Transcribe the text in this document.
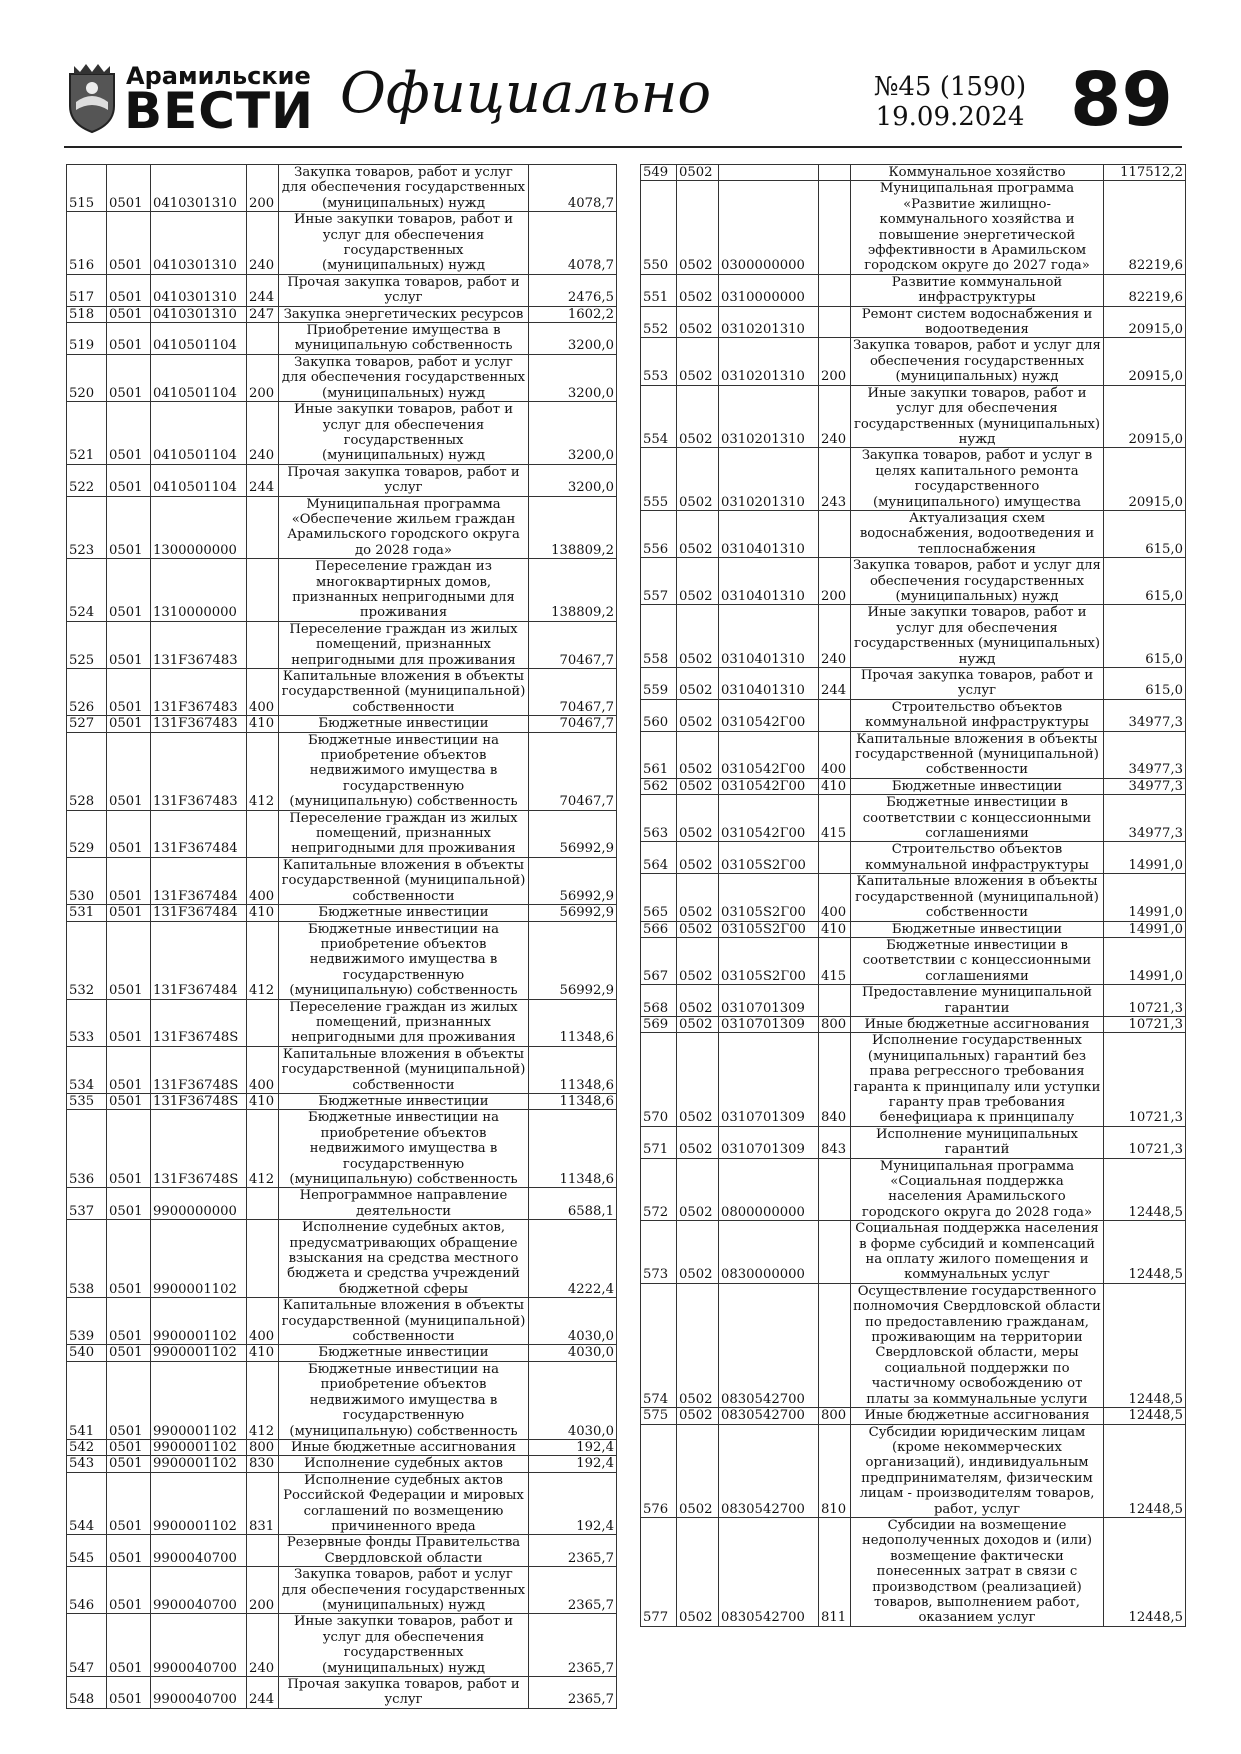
Арамильские
ВЕСТИ Официально	№45 (1590)
19.09.2024 89
515	0501	0410301310	200	Закупка товаров, работ и услуг для обеспечения государственных (муниципальных) нужд	4078,7
516	0501	0410301310	240	Иные закупки товаров, работ и услуг для обеспечения государственных (муниципальных) нужд	4078,7
517	0501	0410301310	244	Прочая закупка товаров, работ и услуг	2476,5
518	0501	0410301310	247	Закупка энергетических ресурсов	1602,2
519	0501	0410501104		Приобретение имущества в муниципальную собственность	3200,0
520	0501	0410501104	200	Закупка товаров, работ и услуг для обеспечения государственных (муниципальных) нужд	3200,0
521	0501	0410501104	240	Иные закупки товаров, работ и услуг для обеспечения государственных (муниципальных) нужд	3200,0
522	0501	0410501104	244	Прочая закупка товаров, работ и услуг	3200,0
523	0501	1300000000		Муниципальная программа «Обеспечение жильем граждан Арамильского городского округа до 2028 года»	138809,2
524	0501	1310000000		Переселение граждан из многоквартирных домов, признанных непригодными для проживания	138809,2
525	0501	131F367483		Переселение граждан из жилых помещений, признанных непригодными для проживания	70467,7
526	0501	131F367483	400	Капитальные вложения в объекты государственной (муниципальной) собственности	70467,7
527	0501	131F367483	410	Бюджетные инвестиции	70467,7
528	0501	131F367483	412	Бюджетные инвестиции на приобретение объектов недвижимого имущества в государственную (муниципальную) собственность	70467,7
529	0501	131F367484		Переселение граждан из жилых помещений, признанных непригодными для проживания	56992,9
530	0501	131F367484	400	Капитальные вложения в объекты государственной (муниципальной) собственности	56992,9
531	0501	131F367484	410	Бюджетные инвестиции	56992,9
532	0501	131F367484	412	Бюджетные инвестиции на приобретение объектов недвижимого имущества в государственную (муниципальную) собственность	56992,9
533	0501	131F36748S		Переселение граждан из жилых помещений, признанных непригодными для проживания	11348,6
534	0501	131F36748S	400	Капитальные вложения в объекты государственной (муниципальной) собственности	11348,6
535	0501	131F36748S	410	Бюджетные инвестиции	11348,6
536	0501	131F36748S	412	Бюджетные инвестиции на приобретение объектов недвижимого имущества в государственную (муниципальную) собственность	11348,6
537	0501	9900000000		Непрограммное направление деятельности	6588,1
538	0501	9900001102		Исполнение судебных актов, предусматривающих обращение взыскания на средства местного бюджета и средства учреждений бюджетной сферы	4222,4
539	0501	9900001102	400	Капитальные вложения в объекты государственной (муниципальной) собственности	4030,0
540	0501	9900001102	410	Бюджетные инвестиции	4030,0
541	0501	9900001102	412	Бюджетные инвестиции на приобретение объектов недвижимого имущества в государственную (муниципальную) собственность	4030,0
542	0501	9900001102	800	Иные бюджетные ассигнования	192,4
543	0501	9900001102	830	Исполнение судебных актов	192,4
544	0501	9900001102	831	Исполнение судебных актов Российской Федерации и мировых соглашений по возмещению причиненного вреда	192,4
545	0501	9900040700		Резервные фонды Правительства Свердловской области	2365,7
546	0501	9900040700	200	Закупка товаров, работ и услуг для обеспечения государственных (муниципальных) нужд	2365,7
547	0501	9900040700	240	Иные закупки товаров, работ и услуг для обеспечения государственных (муниципальных) нужд	2365,7
548	0501	9900040700	244	Прочая закупка товаров, работ и услуг	2365,7
549	0502			Коммунальное хозяйство	117512,2
550	0502	0300000000		Муниципальная программа «Развитие жилищно-коммунального хозяйства и повышение энергетической эффективности в Арамильском городском округе до 2027 года»	82219,6
551	0502	0310000000		Развитие коммунальной инфраструктуры	82219,6
552	0502	0310201310		Ремонт систем водоснабжения и водоотведения	20915,0
553	0502	0310201310	200	Закупка товаров, работ и услуг для обеспечения государственных (муниципальных) нужд	20915,0
554	0502	0310201310	240	Иные закупки товаров, работ и услуг для обеспечения государственных (муниципальных) нужд	20915,0
555	0502	0310201310	243	Закупка товаров, работ и услуг в целях капитального ремонта государственного (муниципального) имущества	20915,0
556	0502	0310401310		Актуализация схем водоснабжения, водоотведения и теплоснабжения	615,0
557	0502	0310401310	200	Закупка товаров, работ и услуг для обеспечения государственных (муниципальных) нужд	615,0
558	0502	0310401310	240	Иные закупки товаров, работ и услуг для обеспечения государственных (муниципальных) нужд	615,0
559	0502	0310401310	244	Прочая закупка товаров, работ и услуг	615,0
560	0502	0310542Г00		Строительство объектов коммунальной инфраструктуры	34977,3
561	0502	0310542Г00	400	Капитальные вложения в объекты государственной (муниципальной) собственности	34977,3
562	0502	0310542Г00	410	Бюджетные инвестиции	34977,3
563	0502	0310542Г00	415	Бюджетные инвестиции в соответствии с концессионными соглашениями	34977,3
564	0502	03105S2Г00		Строительство объектов коммунальной инфраструктуры	14991,0
565	0502	03105S2Г00	400	Капитальные вложения в объекты государственной (муниципальной) собственности	14991,0
566	0502	03105S2Г00	410	Бюджетные инвестиции	14991,0
567	0502	03105S2Г00	415	Бюджетные инвестиции в соответствии с концессионными соглашениями	14991,0
568	0502	0310701309		Предоставление муниципальной гарантии	10721,3
569	0502	0310701309	800	Иные бюджетные ассигнования	10721,3
570	0502	0310701309	840	Исполнение государственных (муниципальных) гарантий без права регрессного требования гаранта к принципалу или уступки гаранту прав требования бенефициара к принципалу	10721,3
571	0502	0310701309	843	Исполнение муниципальных гарантий	10721,3
572	0502	0800000000		Муниципальная программа «Социальная поддержка населения Арамильского городского округа до 2028 года»	12448,5
573	0502	0830000000		Социальная поддержка населения в форме субсидий и компенсаций на оплату жилого помещения и коммунальных услуг	12448,5
574	0502	0830542700		Осуществление государственного полномочия Свердловской области по предоставлению гражданам, проживающим на территории Свердловской области, меры социальной поддержки по частичному освобождению от платы за коммунальные услуги	12448,5
575	0502	0830542700	800	Иные бюджетные ассигнования	12448,5
576	0502	0830542700	810	Субсидии юридическим лицам (кроме некоммерческих организаций), индивидуальным предпринимателям, физическим лицам - производителям товаров, работ, услуг	12448,5
577	0502	0830542700	811	Субсидии на возмещение недополученных доходов и (или) возмещение фактически понесенных затрат в связи с производством (реализацией) товаров, выполнением работ, оказанием услуг	12448,5
